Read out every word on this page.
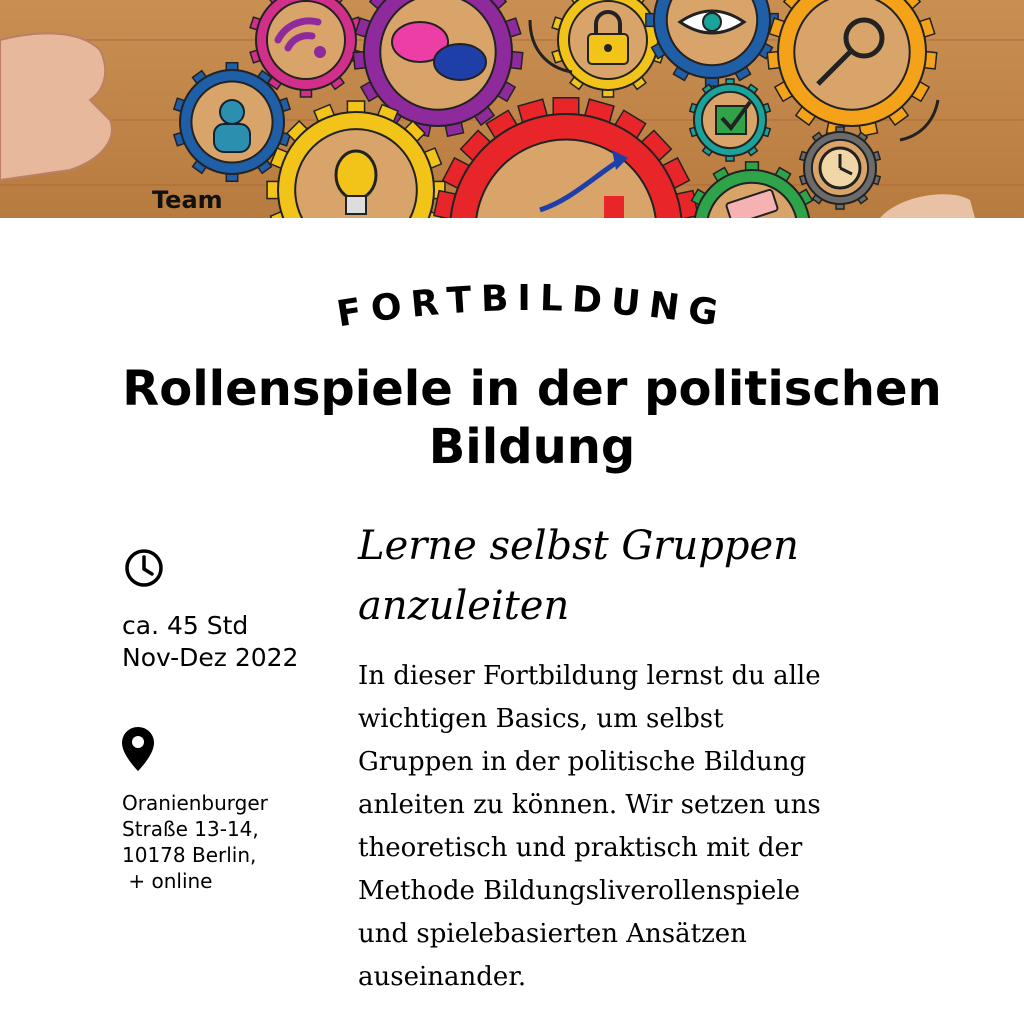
Team
FORTBILDUNG
Rollenspiele in der politischen
Bildung
ca. 45 Std
Nov-Dez 2022
Oranienburger
Straße 13-14,
10178 Berlin,
+ online
Lerne selbst Gruppen
anzuleiten
In dieser Fortbildung lernst du alle
wichtigen Basics, um selbst
Gruppen in der politische Bildung
anleiten zu können. Wir setzen uns
theoretisch und praktisch mit der
Methode Bildungsliverollenspiele
und spielebasierten Ansätzen
auseinander.
